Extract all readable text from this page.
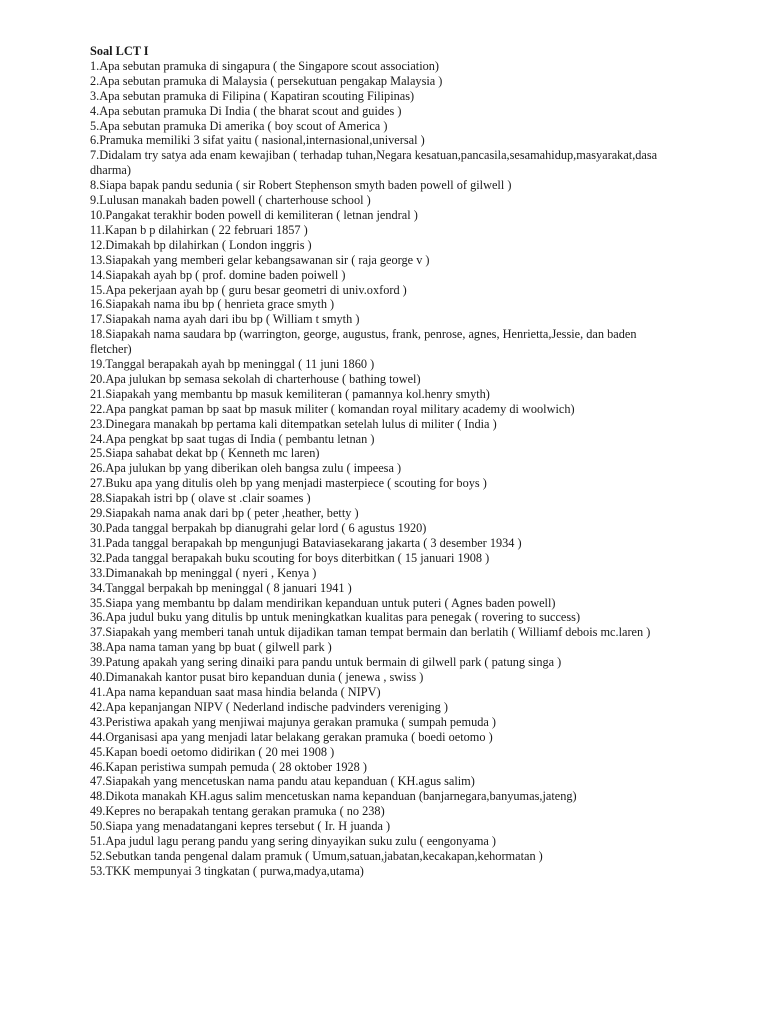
Soal LCT I

1.Apa sebutan pramuka di singapura ( the Singapore scout association)
2.Apa sebutan pramuka di Malaysia ( persekutuan pengakap Malaysia )
3.Apa sebutan pramuka di Filipina ( Kapatiran scouting Filipinas)
4.Apa sebutan pramuka Di India ( the bharat scout and guides )
5.Apa sebutan pramuka Di amerika ( boy scout of America )
6.Pramuka memiliki 3 sifat yaitu ( nasional,internasional,universal )
7.Didalam try satya ada enam kewajiban ( terhadap tuhan,Negara kesatuan,pancasila,sesamahidup,masyarakat,dasa dharma)
8.Siapa bapak pandu sedunia ( sir Robert Stephenson smyth baden powell of gilwell )
9.Lulusan manakah baden powell ( charterhouse school )
10.Pangakat terakhir boden powell di kemiliteran ( letnan jendral )
11.Kapan b p dilahirkan ( 22 februari 1857 )
12.Dimakah bp dilahirkan ( London inggris )
13.Siapakah yang memberi gelar kebangsawanan sir ( raja george v )
14.Siapakah ayah bp ( prof. domine baden poiwell )
15.Apa pekerjaan ayah bp ( guru besar geometri di univ.oxford )
16.Siapakah nama ibu bp ( henrieta grace smyth )
17.Siapakah nama ayah dari ibu bp ( William t smyth )
18.Siapakah nama saudara bp (warrington, george, augustus, frank, penrose, agnes, Henrietta,Jessie, dan baden fletcher)
19.Tanggal berapakah ayah bp meninggal ( 11 juni 1860 )
20.Apa julukan bp semasa sekolah di charterhouse ( bathing towel)
21.Siapakah yang membantu bp masuk kemiliteran ( pamannya kol.henry smyth)
22.Apa pangkat paman bp saat bp masuk militer ( komandan royal military academy di woolwich)
23.Dinegara manakah bp pertama kali ditempatkan setelah lulus di militer ( India )
24.Apa pengkat bp saat tugas di India ( pembantu letnan )
25.Siapa sahabat dekat bp ( Kenneth mc laren)
26.Apa julukan bp yang diberikan oleh bangsa zulu ( impeesa )
27.Buku apa yang ditulis oleh bp yang menjadi masterpiece ( scouting for boys )
28.Siapakah istri bp ( olave st .clair soames )
29.Siapakah nama anak dari bp ( peter ,heather, betty )
30.Pada tanggal berpakah bp dianugrahi gelar lord ( 6 agustus 1920)
31.Pada tanggal berapakah bp mengunjugi Bataviasekarang jakarta ( 3 desember 1934 )
32.Pada tanggal berapakah buku scouting for boys diterbitkan ( 15 januari 1908 )
33.Dimanakah bp meninggal ( nyeri , Kenya )
34.Tanggal berpakah bp meninggal ( 8 januari 1941 )
35.Siapa yang membantu bp dalam mendirikan kepanduan untuk puteri ( Agnes baden powell)
36.Apa judul buku yang ditulis bp untuk meningkatkan kualitas para penegak ( rovering to success)
37.Siapakah yang memberi tanah untuk dijadikan taman tempat bermain dan berlatih ( Williamf debois mc.laren )
38.Apa nama taman yang bp buat ( gilwell park )
39.Patung apakah yang sering dinaiki para pandu untuk bermain di gilwell park ( patung singa )
40.Dimanakah kantor pusat biro kepanduan dunia ( jenewa , swiss )
41.Apa nama kepanduan saat masa hindia belanda ( NIPV)
42.Apa kepanjangan NIPV ( Nederland indische padvinders vereniging )
43.Peristiwa apakah yang menjiwai majunya gerakan pramuka ( sumpah pemuda )
44.Organisasi apa yang menjadi latar belakang gerakan pramuka ( boedi oetomo )
45.Kapan boedi oetomo didirikan ( 20 mei 1908 )
46.Kapan peristiwa sumpah pemuda ( 28 oktober 1928 )
47.Siapakah yang mencetuskan nama pandu atau kepanduan ( KH.agus salim)
48.Dikota manakah KH.agus salim mencetuskan nama kepanduan (banjarnegara,banyumas,jateng)
49.Kepres no berapakah tentang gerakan pramuka ( no 238)
50.Siapa yang menadatangani kepres tersebut ( Ir. H juanda )
51.Apa judul lagu perang pandu yang sering dinyayikan suku zulu ( eengonyama )
52.Sebutkan tanda pengenal dalam pramuk ( Umum,satuan,jabatan,kecakapan,kehormatan )
53.TKK mempunyai 3 tingkatan ( purwa,madya,utama)
